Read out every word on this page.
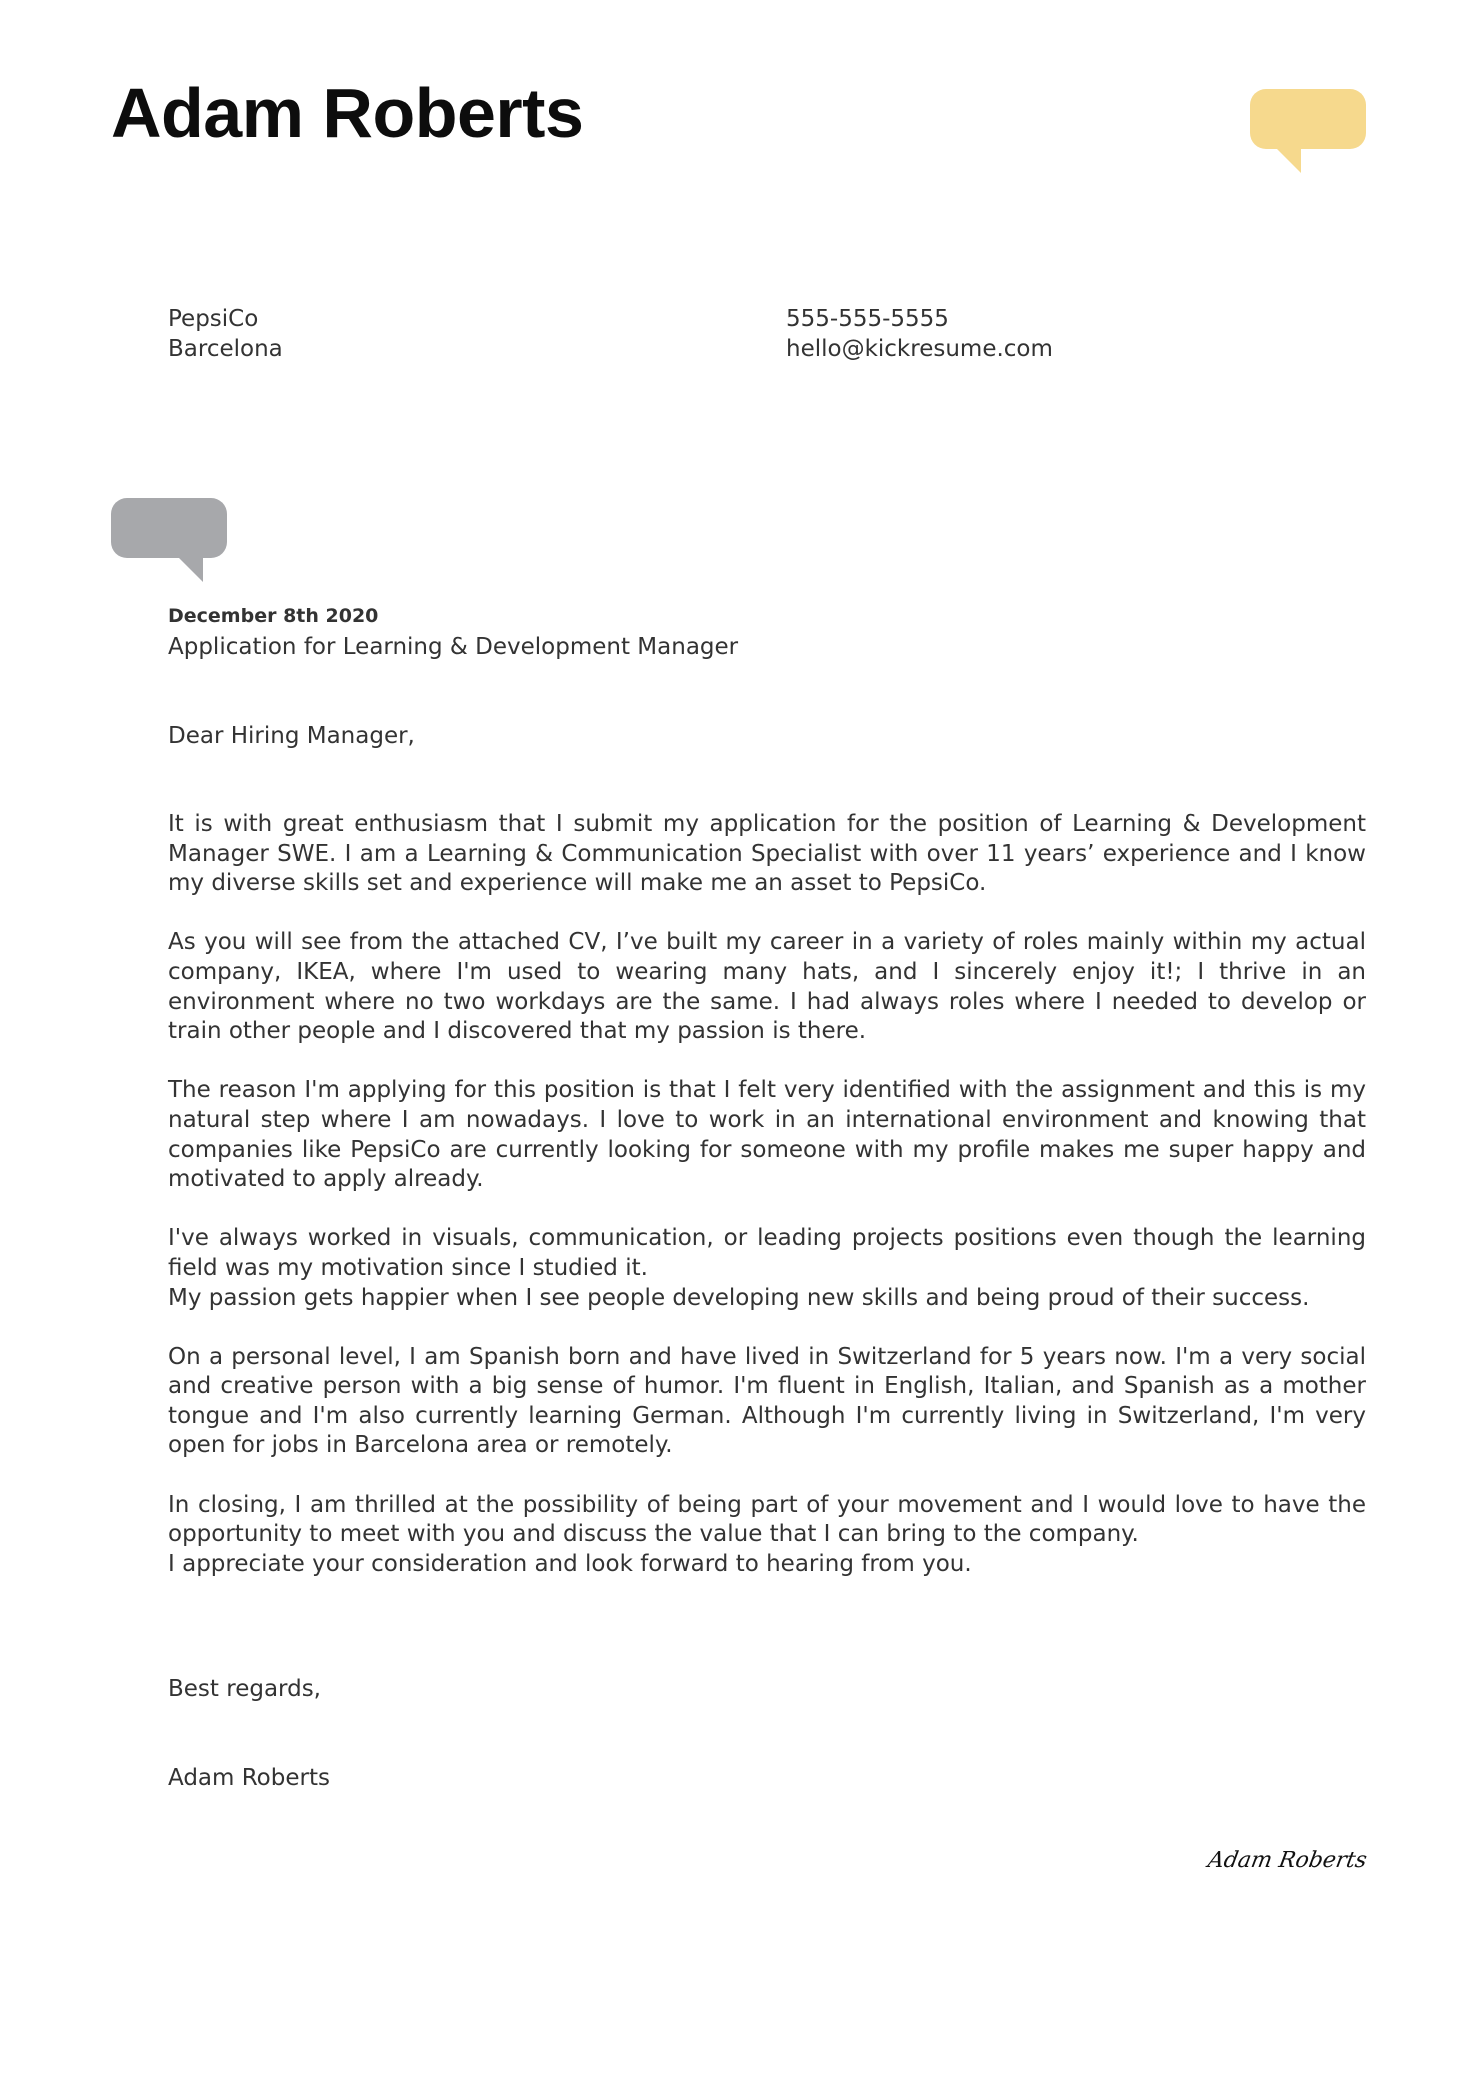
Adam Roberts
PepsiCo
Barcelona
555-555-5555
hello@kickresume.com
December 8th 2020
Application for Learning & Development Manager
Dear Hiring Manager,

It is with great enthusiasm that I submit my application for the position of Learning & Development Manager SWE. I am a Learning & Communication Specialist with over 11 years’ experience and I know my diverse skills set and experience will make me an asset to PepsiCo.

As you will see from the attached CV, I’ve built my career in a variety of roles mainly within my actual company, IKEA, where I'm used to wearing many hats, and I sincerely enjoy it!; I thrive in an environment where no two workdays are the same. I had always roles where I needed to develop or train other people and I discovered that my passion is there.

The reason I'm applying for this position is that I felt very identified with the assignment and this is my natural step where I am nowadays. I love to work in an international environment and knowing that companies like PepsiCo are currently looking for someone with my profile makes me super happy and motivated to apply already.

I've always worked in visuals, communication, or leading projects positions even though the learning field was my motivation since I studied it.
My passion gets happier when I see people developing new skills and being proud of their success.

On a personal level, I am Spanish born and have lived in Switzerland for 5 years now. I'm a very social and creative person with a big sense of humor. I'm fluent in English, Italian, and Spanish as a mother tongue and I'm also currently learning German. Although I'm currently living in Switzerland, I'm very open for jobs in Barcelona area or remotely.

In closing, I am thrilled at the possibility of being part of your movement and I would love to have the opportunity to meet with you and discuss the value that I can bring to the company.
I appreciate your consideration and look forward to hearing from you.

Best regards,
Adam Roberts
Adam Roberts
